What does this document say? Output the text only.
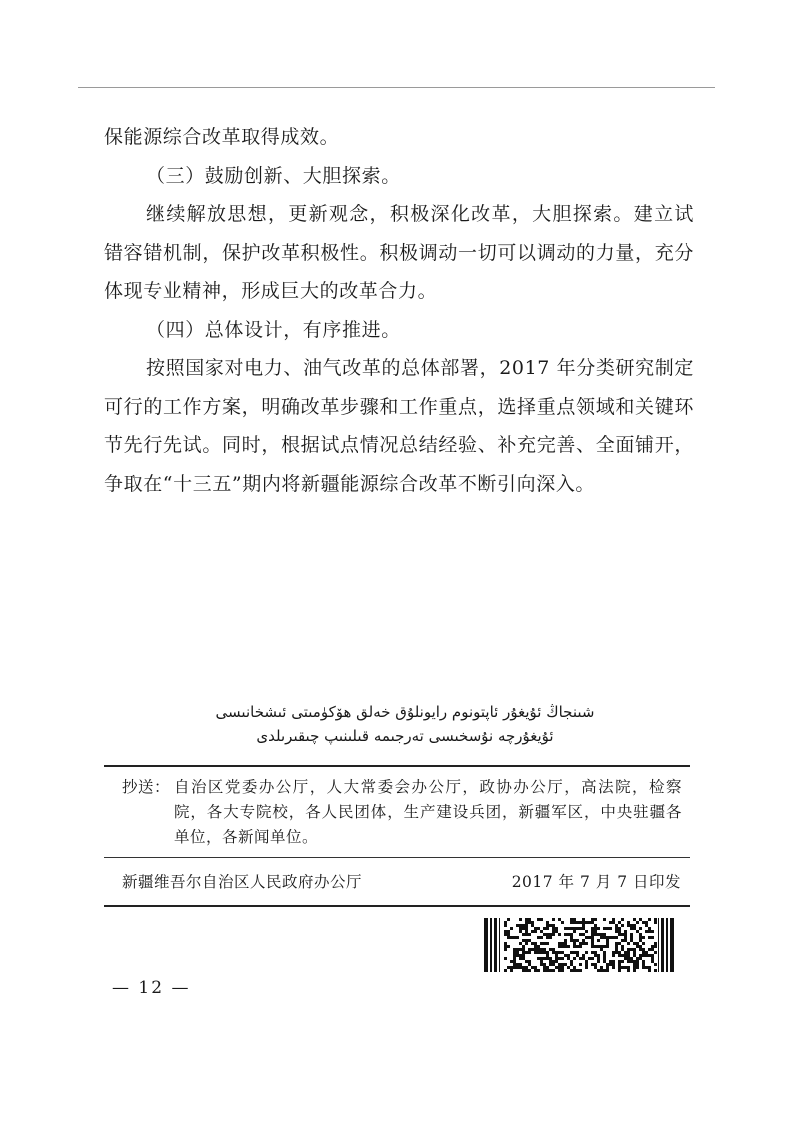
保能源综合改革取得成效。

（三）鼓励创新、大胆探索。

继续解放思想，更新观念，积极深化改革，大胆探索。建立试错容错机制，保护改革积极性。积极调动一切可以调动的力量，充分体现专业精神，形成巨大的改革合力。

（四）总体设计，有序推进。

按照国家对电力、油气改革的总体部署，2017 年分类研究制定可行的工作方案，明确改革步骤和工作重点，选择重点领域和关键环节先行先试。同时，根据试点情况总结经验、补充完善、全面铺开，争取在“十三五”期内将新疆能源综合改革不断引向深入。

شىنجاڭ ئۇيغۇر ئاپتونوم رايونلۇق خەلق ھۆكۈمىتى ئىشخانىسى
ئۇيغۇرچە نۇسخىسى تەرجىمە قىلىنىپ چىقىرىلدى
抄送： 自治区党委办公厅，人大常委会办公厅，政协办公厅，高法院，检察院，各大专院校，各人民团体，生产建设兵团，新疆军区，中央驻疆各单位，各新闻单位。
新疆维吾尔自治区人民政府办公厅	2017 年 7 月 7 日印发
— 12 —
